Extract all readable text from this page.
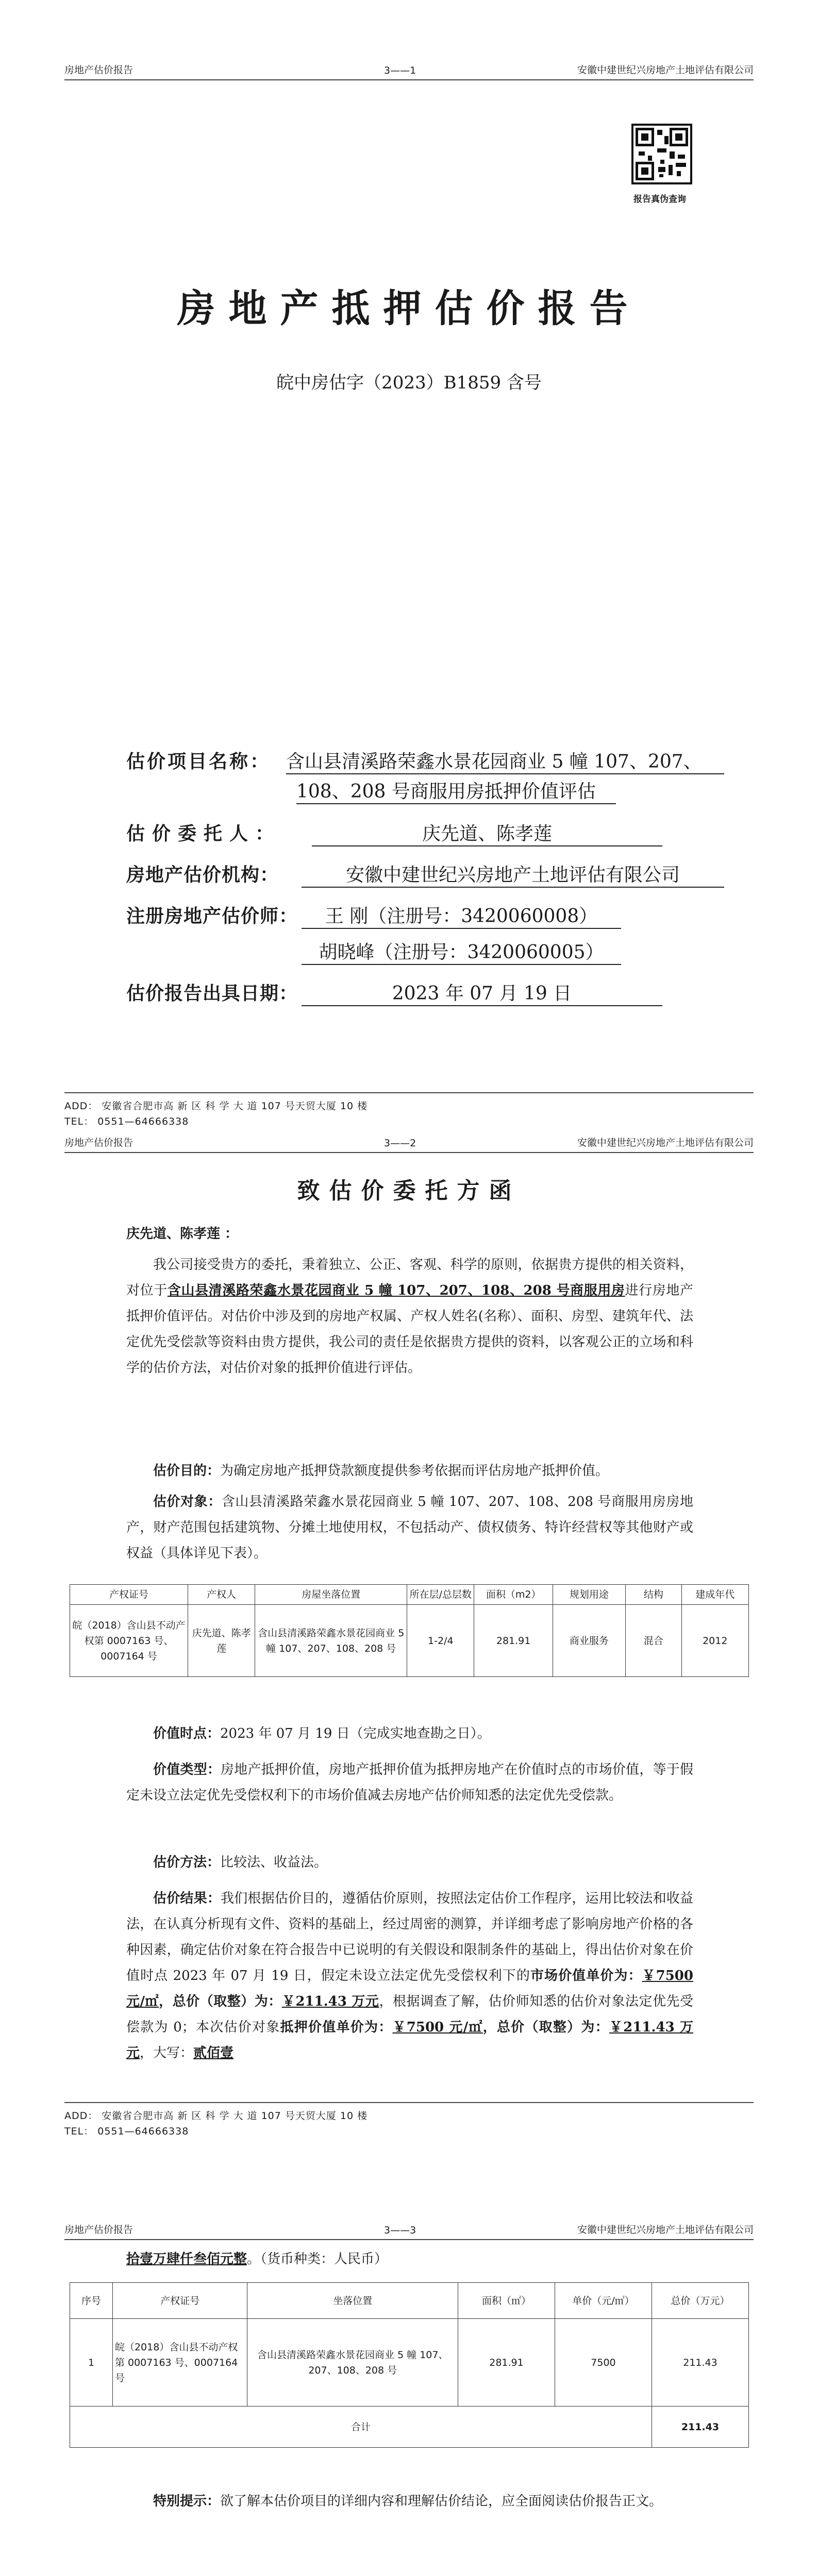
房地产估价报告	3——1	安徽中建世纪兴房地产土地评估有限公司
报告真伪查询
房地产抵押估价报告
皖中房估字（2023）B1859 含号
估价项目名称： 含山县清溪路荣鑫水景花园商业 5 幢 107、207、
108、208 号商服用房抵押价值评估
估价委托人：	庆先道、陈孝莲
房地产估价机构：	安徽中建世纪兴房地产土地评估有限公司
注册房地产估价师：	王 刚（注册号：3420060008）
胡晓峰（注册号：3420060005）
估价报告出具日期：	2023 年 07 月 19 日
ADD： 安徽省合肥市高 新 区 科 学 大 道 107 号天贸大厦 10 楼
TEL： 0551—64666338
房地产估价报告	3——2	安徽中建世纪兴房地产土地评估有限公司
致估价委托方函
庆先道、陈孝莲 ：
我公司接受贵方的委托，秉着独立、公正、客观、科学的原则，依据贵方提供的相关资料，对位于含山县清溪路荣鑫水景花园商业 5 幢 107、207、108、208 号商服用房进行房地产抵押价值评估。对估价中涉及到的房地产权属、产权人姓名(名称）、面积、房型、建筑年代、法定优先受偿款等资料由贵方提供，我公司的责任是依据贵方提供的资料，以客观公正的立场和科学的估价方法，对估价对象的抵押价值进行评估。
估价目的：为确定房地产抵押贷款额度提供参考依据而评估房地产抵押价值。
估价对象：含山县清溪路荣鑫水景花园商业 5 幢 107、207、108、208 号商服用房房地产，财产范围包括建筑物、分摊土地使用权，不包括动产、债权债务、特许经营权等其他财产或权益（具体详见下表）。
产权证号	产权人	房屋坐落位置	所在层/总层数	面积（m2）	规划用途	结构	建成年代
皖（2018）含山县不动产权第 0007163 号、0007164 号	庆先道、陈孝莲	含山县清溪路荣鑫水景花园商业 5 幢 107、207、108、208 号	1-2/4	281.91	商业服务	混合	2012
价值时点：2023 年 07 月 19 日（完成实地查勘之日）。
价值类型：房地产抵押价值，房地产抵押价值为抵押房地产在价值时点的市场价值，等于假定未设立法定优先受偿权利下的市场价值减去房地产估价师知悉的法定优先受偿款。
估价方法：比较法、收益法。
估价结果：我们根据估价目的，遵循估价原则，按照法定估价工作程序，运用比较法和收益法，在认真分析现有文件、资料的基础上，经过周密的测算，并详细考虑了影响房地产价格的各种因素，确定估价对象在符合报告中已说明的有关假设和限制条件的基础上，得出估价对象在价值时点 2023 年 07 月 19 日，假定未设立法定优先受偿权利下的市场价值单价为：￥7500 元/㎡，总价（取整）为：￥211.43 万元，根据调查了解，估价师知悉的估价对象法定优先受偿款为 0；本次估价对象抵押价值单价为：￥7500 元/㎡，总价（取整）为：￥211.43 万元，大写：贰佰壹
ADD： 安徽省合肥市高 新 区 科 学 大 道 107 号天贸大厦 10 楼
TEL： 0551—64666338
房地产估价报告	3——3	安徽中建世纪兴房地产土地评估有限公司
拾壹万肆仟叁佰元整。（货币种类：人民币）
序号	产权证号	坐落位置	面积（㎡）	单价（元/㎡）	总价（万元）
1	皖（2018）含山县不动产权第 0007163 号、0007164 号	含山县清溪路荣鑫水景花园商业 5 幢 107、207、108、208 号	281.91	7500	211.43
合计					211.43
特别提示：欲了解本估价项目的详细内容和理解估价结论，应全面阅读估价报告正文。
